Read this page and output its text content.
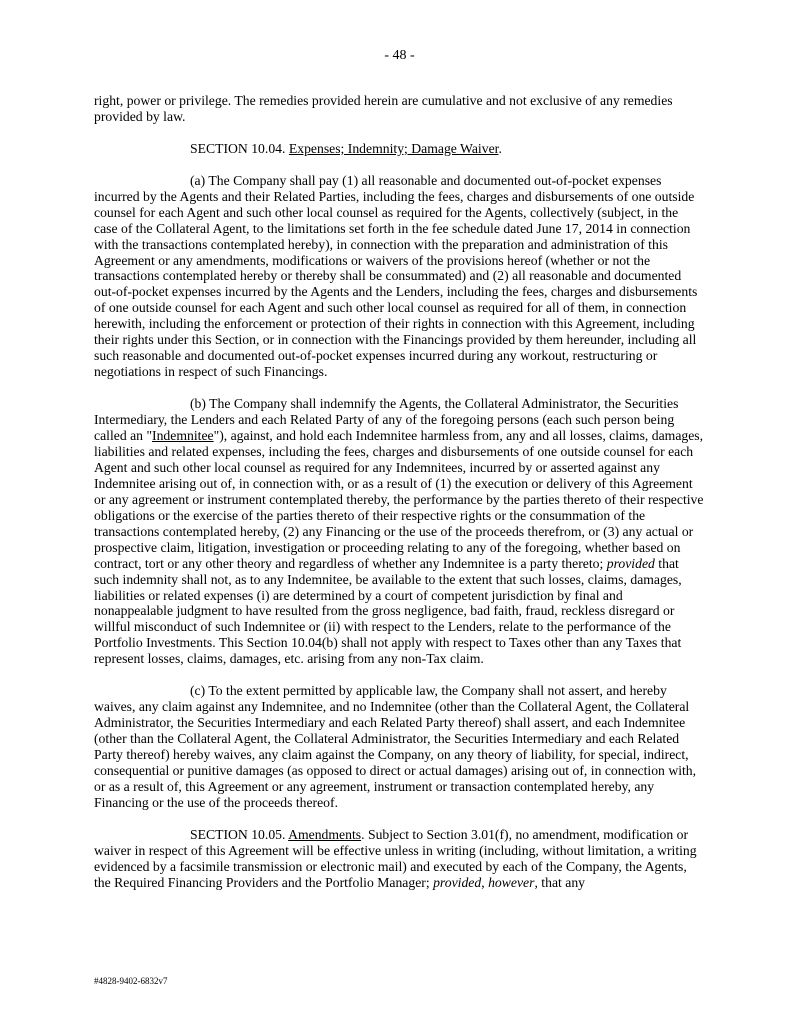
- 48 -

right, power or privilege. The remedies provided herein are cumulative and not exclusive of any remedies provided by law.

SECTION 10.04. Expenses; Indemnity; Damage Waiver.

(a) The Company shall pay (1) all reasonable and documented out-of-pocket expenses incurred by the Agents and their Related Parties, including the fees, charges and disbursements of one outside counsel for each Agent and such other local counsel as required for the Agents, collectively (subject, in the case of the Collateral Agent, to the limitations set forth in the fee schedule dated June 17, 2014 in connection with the transactions contemplated hereby), in connection with the preparation and administration of this Agreement or any amendments, modifications or waivers of the provisions hereof (whether or not the transactions contemplated hereby or thereby shall be consummated) and (2) all reasonable and documented out-of-pocket expenses incurred by the Agents and the Lenders, including the fees, charges and disbursements of one outside counsel for each Agent and such other local counsel as required for all of them, in connection herewith, including the enforcement or protection of their rights in connection with this Agreement, including their rights under this Section, or in connection with the Financings provided by them hereunder, including all such reasonable and documented out-of-pocket expenses incurred during any workout, restructuring or negotiations in respect of such Financings.

(b) The Company shall indemnify the Agents, the Collateral Administrator, the Securities Intermediary, the Lenders and each Related Party of any of the foregoing persons (each such person being called an "Indemnitee"), against, and hold each Indemnitee harmless from, any and all losses, claims, damages, liabilities and related expenses, including the fees, charges and disbursements of one outside counsel for each Agent and such other local counsel as required for any Indemnitees, incurred by or asserted against any Indemnitee arising out of, in connection with, or as a result of (1) the execution or delivery of this Agreement or any agreement or instrument contemplated thereby, the performance by the parties thereto of their respective obligations or the exercise of the parties thereto of their respective rights or the consummation of the transactions contemplated hereby, (2) any Financing or the use of the proceeds therefrom, or (3) any actual or prospective claim, litigation, investigation or proceeding relating to any of the foregoing, whether based on contract, tort or any other theory and regardless of whether any Indemnitee is a party thereto; provided that such indemnity shall not, as to any Indemnitee, be available to the extent that such losses, claims, damages, liabilities or related expenses (i) are determined by a court of competent jurisdiction by final and nonappealable judgment to have resulted from the gross negligence, bad faith, fraud, reckless disregard or willful misconduct of such Indemnitee or (ii) with respect to the Lenders, relate to the performance of the Portfolio Investments. This Section 10.04(b) shall not apply with respect to Taxes other than any Taxes that represent losses, claims, damages, etc. arising from any non-Tax claim.

(c) To the extent permitted by applicable law, the Company shall not assert, and hereby waives, any claim against any Indemnitee, and no Indemnitee (other than the Collateral Agent, the Collateral Administrator, the Securities Intermediary and each Related Party thereof) shall assert, and each Indemnitee (other than the Collateral Agent, the Collateral Administrator, the Securities Intermediary and each Related Party thereof) hereby waives, any claim against the Company, on any theory of liability, for special, indirect, consequential or punitive damages (as opposed to direct or actual damages) arising out of, in connection with, or as a result of, this Agreement or any agreement, instrument or transaction contemplated hereby, any Financing or the use of the proceeds thereof.

SECTION 10.05. Amendments. Subject to Section 3.01(f), no amendment, modification or waiver in respect of this Agreement will be effective unless in writing (including, without limitation, a writing evidenced by a facsimile transmission or electronic mail) and executed by each of the Company, the Agents, the Required Financing Providers and the Portfolio Manager; provided, however, that any

#4828-9402-6832v7
